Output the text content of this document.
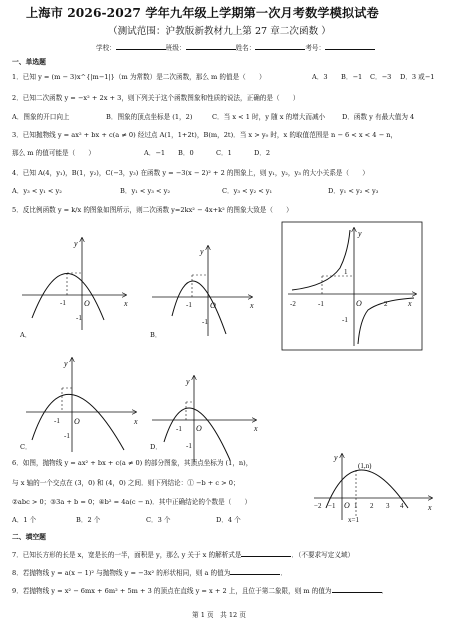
上海市 2026-2027 学年九年级上学期第一次月考数学模拟试卷
（测试范围：沪教版新教材九上第 27 章二次函数 ）
学校：	班级：	姓名：	考号：
一、单选题
1．已知 y = (m − 3)x^{|m−1|}（m 为常数）是二次函数，那么 m 的值是（　　）	A．3 B．−1 C．−3 D．3 或−1
2．已知二次函数 y = −x² + 2x + 3，则下列关于这个函数图象和性质的说法，正确的是（　　）
A．图象的开口向上	B．图象的顶点坐标是 (1，2)	C．当 x < 1 时，y 随 x 的增大而减小	D．函数 y 有最大值为 4
3．已知抛物线 y = ax² + bx + c(a ≠ 0) 经过点 A(1，1+2t)，B(m，2t)．当 x > y₀ 时，x 的取值范围是 n − 6 < x < 4 − n，
那么 m 的值可能是（　　）	A．−1 B．0	C．1	D．2
4．已知 A(4，y₁)，B(1，y₂)，C(−3，y₃) 在函数 y = −3(x − 2)² + 2 的图象上，则 y₁，y₂，y₃ 的大小关系是（　　）
A．y₃ < y₁ < y₂	B．y₁ < y₃ < y₂	C．y₃ < y₂ < y₁	D．y₁ < y₂ < y₃
5．反比例函数 y = k/x 的图象如图所示，则二次函数 y=2kx² − 4x+k² 的图象大致是（　　）
x
y
O
-1
-1
A．
x
y
O
-1
-1
B．
x
y
O
-2	-1	2
1
-1
x
y
O
-1
-1
C．
x
y
O
-1
-1
D．
6．如图，抛物线 y = ax² + bx + c(a ≠ 0) 的部分图象，其顶点坐标为 (1，n)，
与 x 轴的一个交点在 (3，0) 和 (4，0) 之间．则下列结论：① −b + c > 0；
②abc > 0；③3a + b = 0；④b² = 4a(c − n)．其中正确结论的个数是（　　）
A．1 个	B．2 个	C．3 个	D．4 个
(1,n)
y
x
−2 −1 O 1 2 3 4
x=1
二、填空题
7．已知长方形的长是 x，宽是长的一半，面积是 y，那么 y 关于 x 的解析式是	．（不要求写定义域）
8．若抛物线 y = a(x − 1)² 与抛物线 y = −3x² 的形状相同，则 a 的值为	．
9．若抛物线 y = x² − 6mx + 6m² + 5m + 3 的顶点在直线 y = x + 2 上，且位于第二象限，则 m 的值为	．
第 1 页　共 12 页
